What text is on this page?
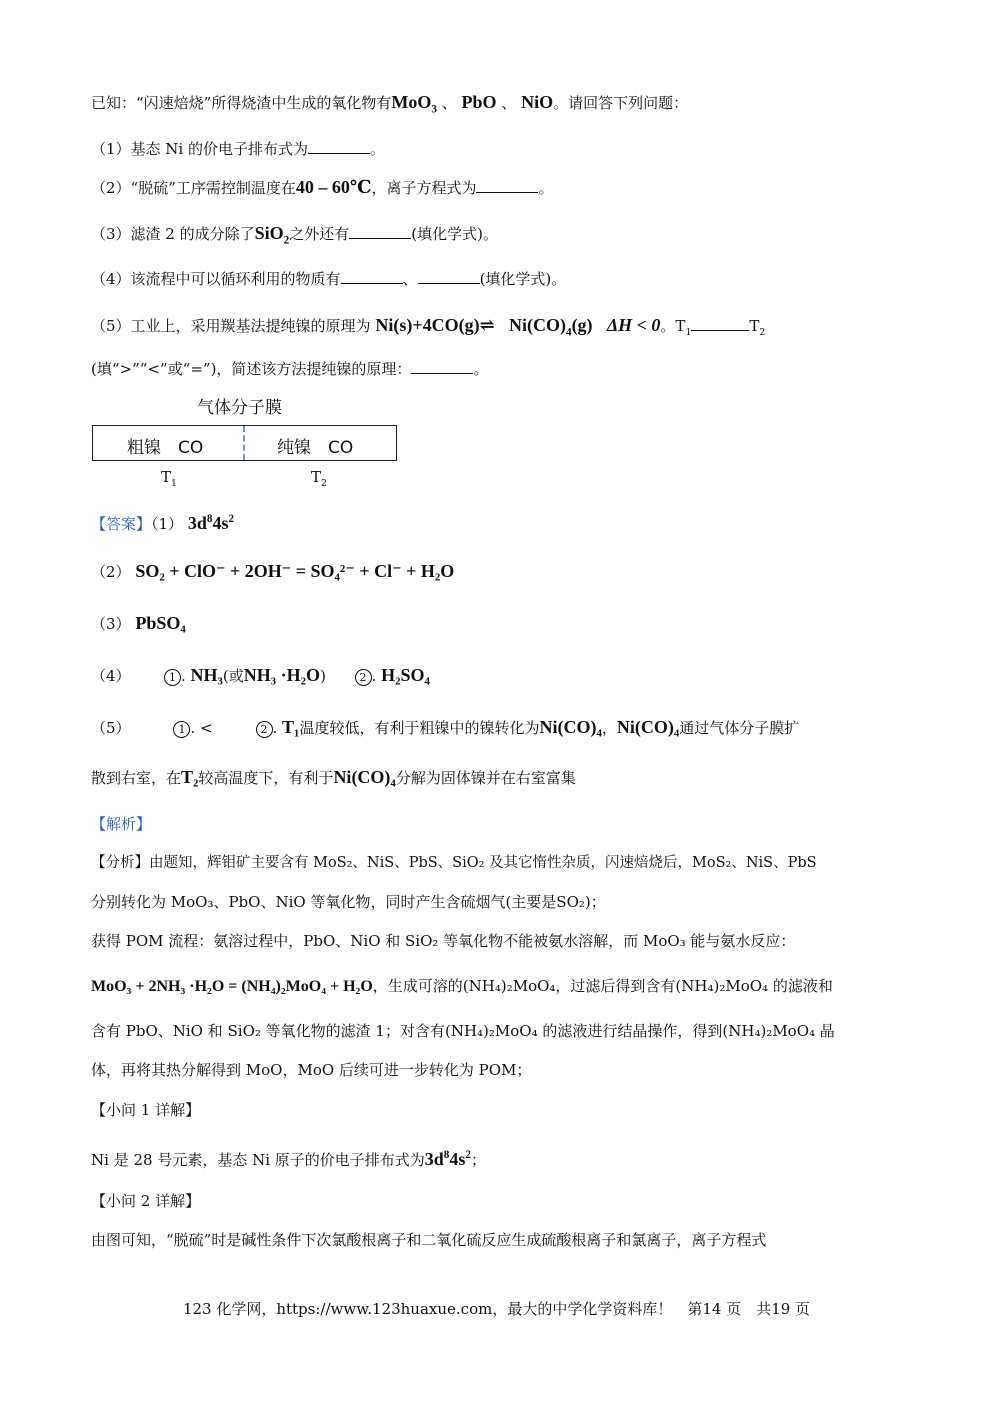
已知：“闪速焙烧”所得烧渣中生成的氧化物有MoO$_3$ 、 PbO 、 NiO。请回答下列问题：
（1）基态 Ni 的价电子排布式为	。
（2）“脱硫”工序需控制温度在40 – 60℃，离子方程式为	。
（3）滤渣 2 的成分除了SiO$_2$之外还有	(填化学式)。
（4）该流程中可以循环利用的物质有	、	(填化学式)。
（5）工业上，采用羰基法提纯镍的原理为 Ni(s)+4CO(g)⇌ $Ni(CO)_4(g) \Delta H < 0$。$T_1$	$T_2$
(填“>”“<”或“=”)，简述该方法提纯镍的原理：	。
气体分子膜
粗镍　CO	纯镍　CO
$T_1$	$T_2$
【答案】（1） $3d^84s^2$
（2） SO₂ + ClO⁻ + 2OH⁻ = SO₄²⁻ + Cl⁻ + H₂O
（3） PbSO₄
（4）	1 . NH₃(或NH₃ ·H₂O)	2 . H₂SO₄
（5）	1 . <	2 . T₁温度较低，有利于粗镍中的镍转化为Ni(CO)₄，Ni(CO)₄通过气体分子膜扩
散到右室，在T₂较高温度下，有利于Ni(CO)₄分解为固体镍并在右室富集
【解析】
【分析】由题知，辉钼矿主要含有 MoS₂、NiS、PbS、SiO₂ 及其它惰性杂质，闪速焙烧后，MoS₂、NiS、PbS
分别转化为 MoO₃、PbO、NiO 等氧化物，同时产生含硫烟气(主要是SO₂)；
获得 POM 流程：氨溶过程中，PbO、NiO 和 SiO₂ 等氧化物不能被氨水溶解，而 MoO₃ 能与氨水反应：
MoO₃ + 2NH₃ ·H₂O = (NH₄)₂MoO₄ + H₂O，生成可溶的(NH₄)₂MoO₄，过滤后得到含有(NH₄)₂MoO₄ 的滤液和
含有 PbO、NiO 和 SiO₂ 等氧化物的滤渣 1；对含有(NH₄)₂MoO₄ 的滤液进行结晶操作，得到(NH₄)₂MoO₄ 晶
体，再将其热分解得到 MoO，MoO 后续可进一步转化为 POM；
【小问 1 详解】
Ni 是 28 号元素，基态 Ni 原子的价电子排布式为$3d^84s^2$；
【小问 2 详解】
由图可知，“脱硫”时是碱性条件下次氯酸根离子和二氧化硫反应生成硫酸根离子和氯离子，离子方程式
123 化学网，https://www.123huaxue.com，最大的中学化学资料库！　第14 页　共19 页
